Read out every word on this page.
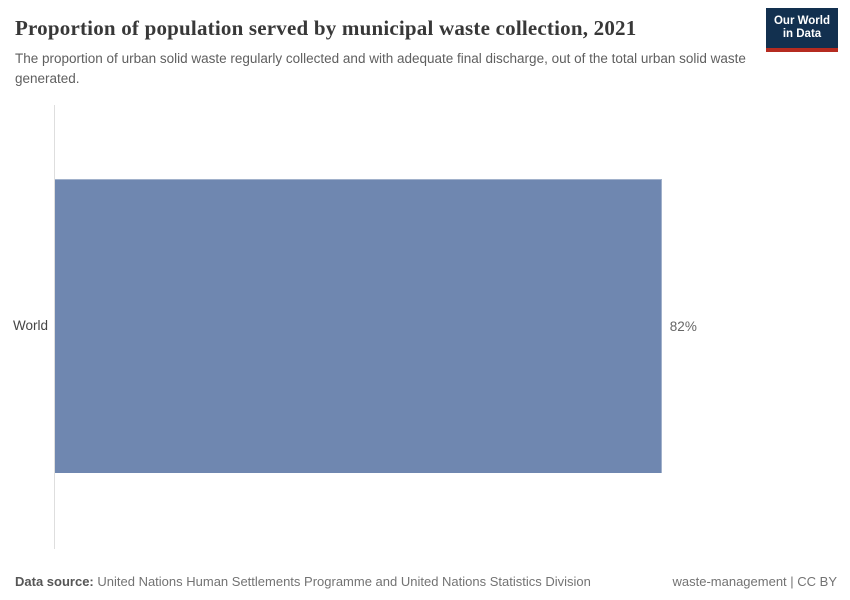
Proportion of population served by municipal waste collection, 2021

The proportion of urban solid waste regularly collected and with adequate final discharge, out of the total urban solid waste generated.

Our World
in Data
World	82%
Data source: United Nations Human Settlements Programme and United Nations Statistics Division	waste-management | CC BY
